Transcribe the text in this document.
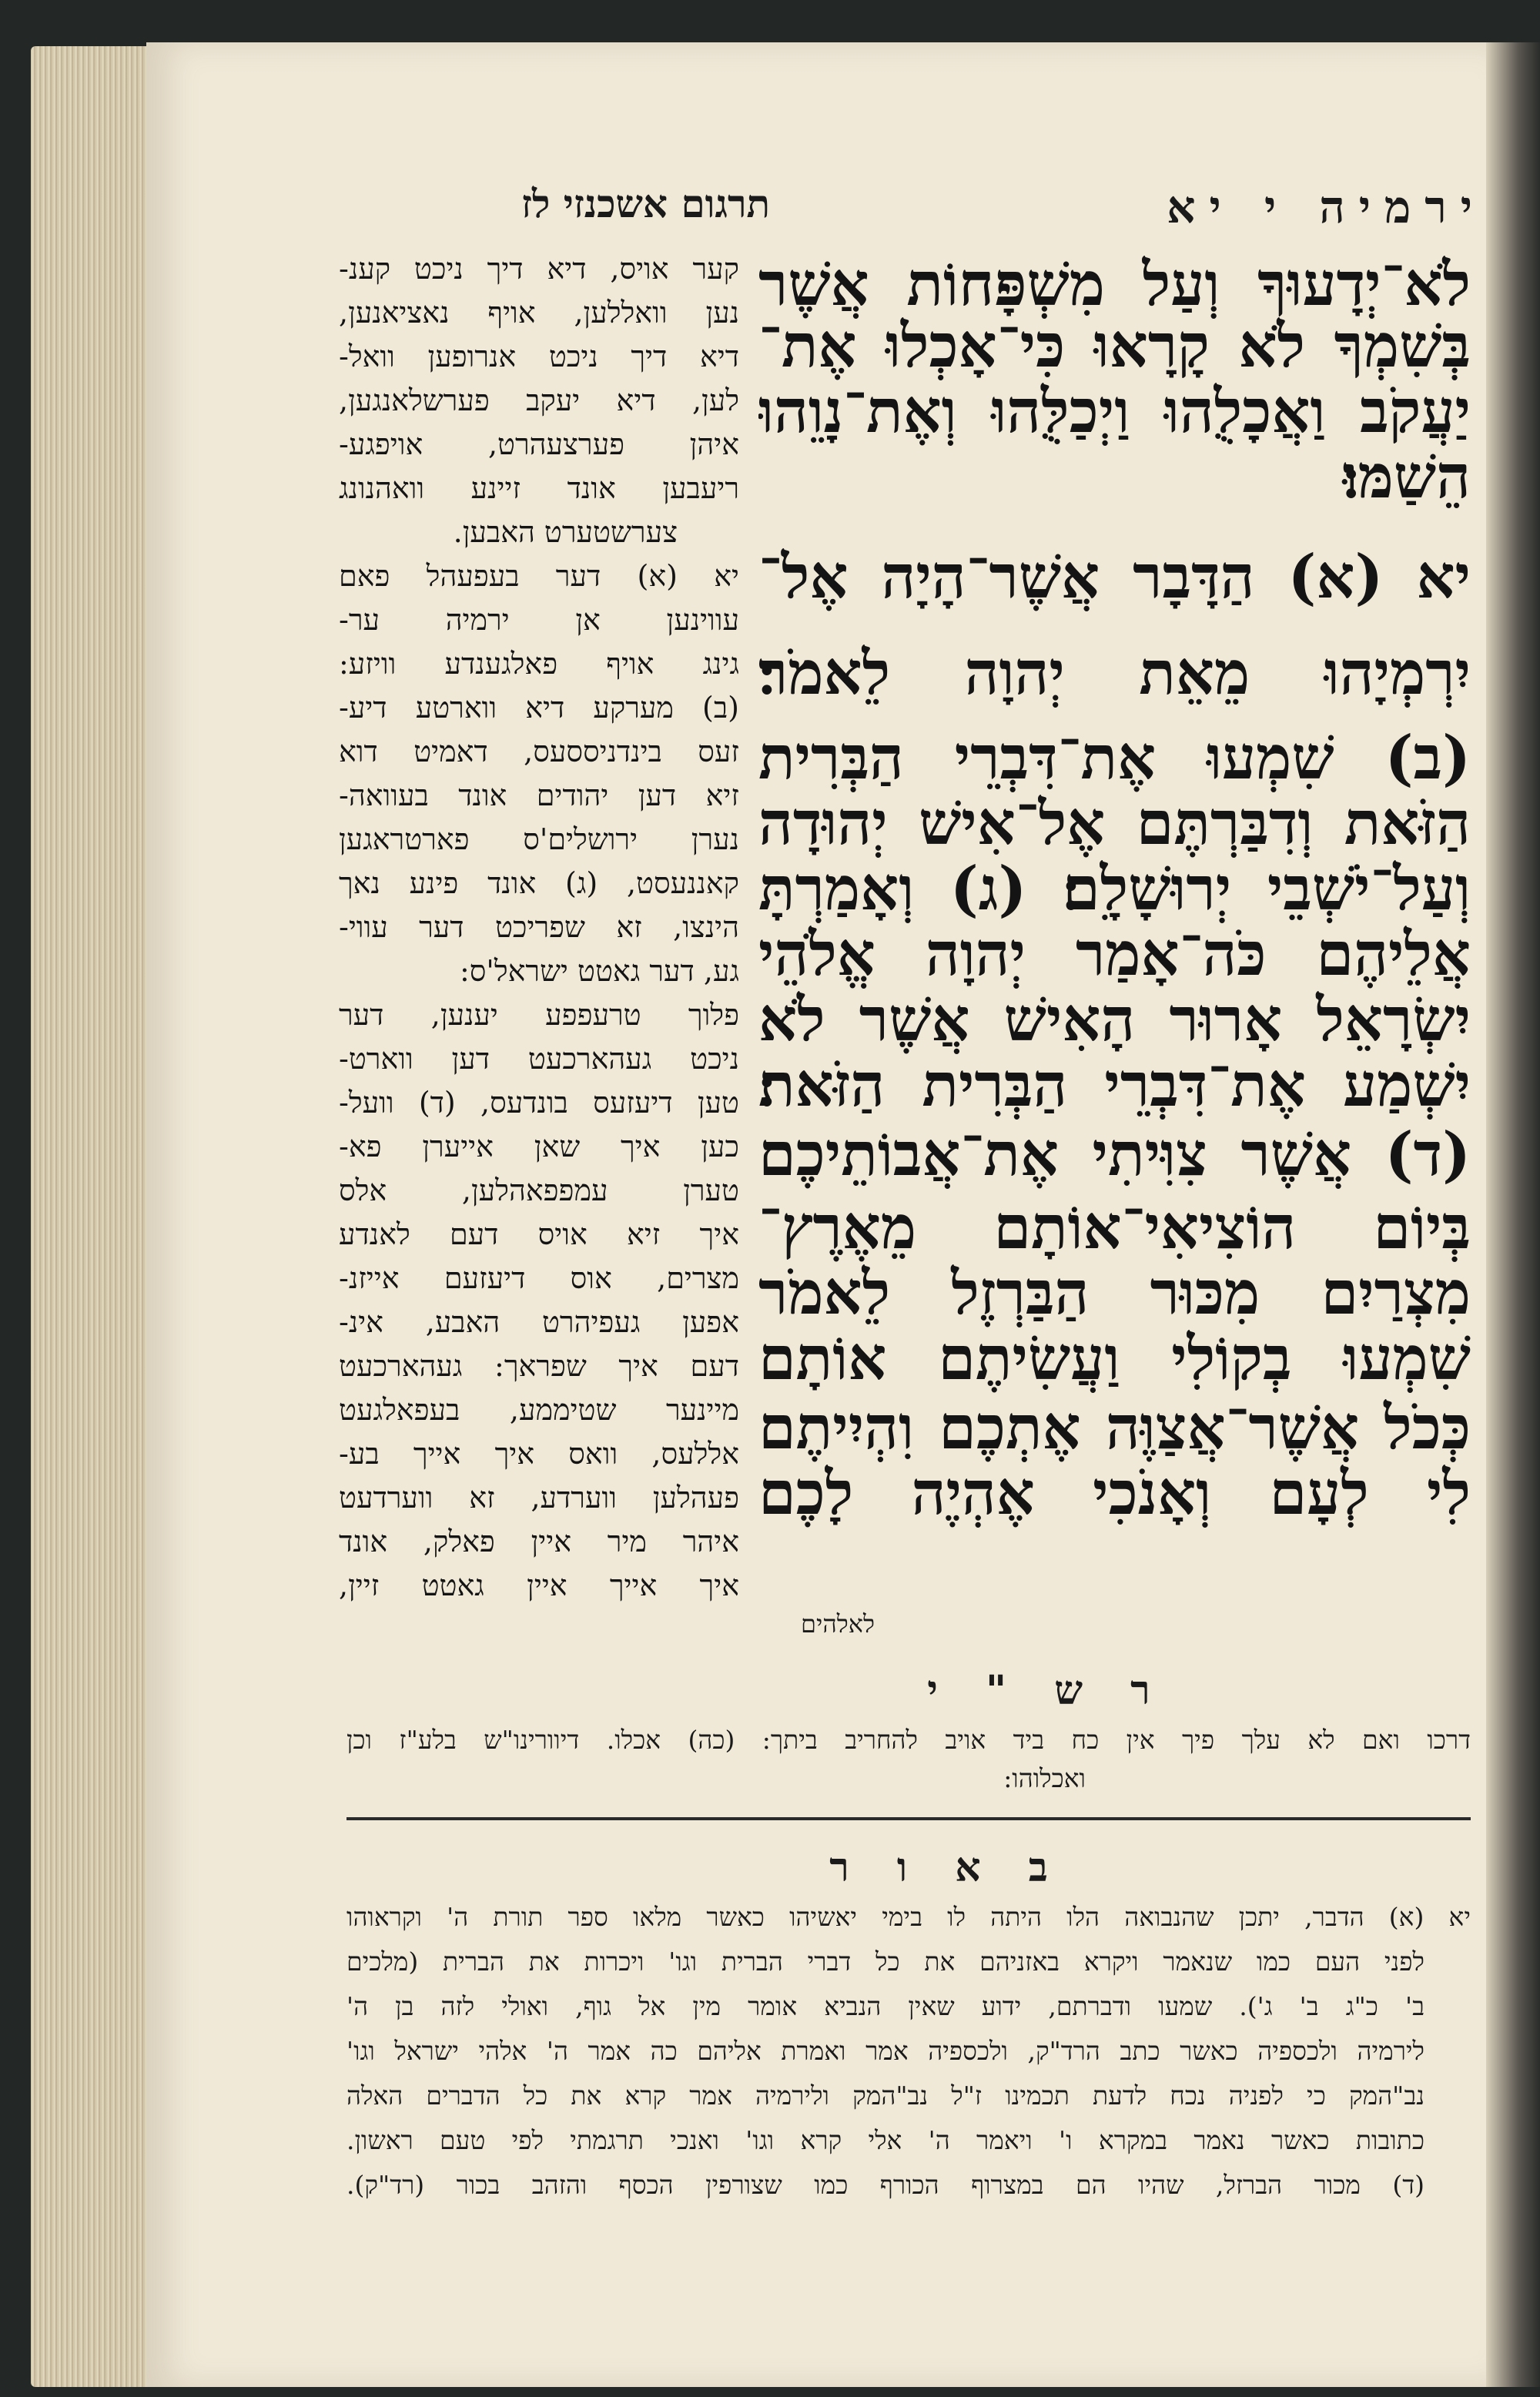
ירמיה י יא
תרגום אשכנזי לז
לֹא־יְדָעוּךָ וְעַל מִשְׁפָּחוֹת אֲשֶׁר
בְּשִׁמְךָ לֹא קָרָאוּ כִּי־אָכְלוּ אֶת־
יַעֲקֹב וַאֲכָלֻהוּ וַיְכַלֻּהוּ וְאֶת־נָוֵהוּ
הֵשַׁמּוּ׃
יא (א) הַדָּבָר אֲשֶׁר־הָיָה אֶל־
יִרְמְיָהוּ מֵאֵת יְהוָה לֵאמֹר׃
(ב) שִׁמְעוּ אֶת־דִּבְרֵי הַבְּרִית
הַזֹּאת וְדִבַּרְתֶּם אֶל־אִישׁ יְהוּדָה
וְעַל־יֹשְׁבֵי יְרוּשָׁלִָם׃ (ג) וְאָמַרְתָּ
אֲלֵיהֶם כֹּה־אָמַר יְהוָה אֱלֹהֵי
יִשְׂרָאֵל אָרוּר הָאִישׁ אֲשֶׁר לֹא
יִשְׁמַע אֶת־דִּבְרֵי הַבְּרִית הַזֹּאת׃
(ד) אֲשֶׁר צִוִּיתִי אֶת־אֲבוֹתֵיכֶם
בְּיוֹם הוֹצִיאִי־אוֹתָם מֵאֶרֶץ־
מִצְרַיִם מִכּוּר הַבַּרְזֶל לֵאמֹר
שִׁמְעוּ בְקוֹלִי וַעֲשִׂיתֶם אוֹתָם
כְּכֹל אֲשֶׁר־אֲצַוֶּה אֶתְכֶם וִהְיִיתֶם
לִי לְעָם וְאָנֹכִי אֶהְיֶה לָכֶם
קער אויס, דיא דיך ניכט קענ-
נען וואללען, אויף נאציאנען,
דיא דיך ניכט אנרופען וואל-
לען, דיא יעקב פערשלאנגען,
איהן פערצעהרט, אויפגע-
ריעבען אונד זיינע וואהנונג
צערשטערט האבען.
יא (א) דער בעפעהל פאם
עווינען אן ירמיה ער-
גינג אויף פאלגענדע וויזע:
(ב) מערקע דיא ווארטע דיע-
זעס בינדניססעס, דאמיט דוא
זיא דען יהודים אונד בעוואה-
נערן ירושלים'ס פארטראגען
קאננעסט, (ג) אונד פינע נאך
הינצו, זא שפריכט דער עווי-
גע, דער גאטט ישראל'ס:
פלוך טרעפפע יענען, דער
ניכט געהארכעט דען ווארט-
טען דיעזעס בונדעס, (ד) וועל-
כען איך שאן אייערן פא-
טערן עמפפאהלען, אלס
איך זיא אויס דעם לאנדע
מצרים, אוס דיעזעם אייזנ-
אפען געפיהרט האבע, אינ-
דעם איך שפראך: געהארכעט
מיינער שטיממע, בעפאלגעט
אללעס, וואס איך אייך בע-
פעהלען ווערדע, זא ווערדעט
איהר מיר איין פאלק, אונד
איך אייך איין גאטט זיין,
לאלהים
ר ש " י
דרכו ואם לא עלך פיך אין כח ביד אויב להחריב ביתך: (כה) אכלו. דיוורינו"ש בלע"ז וכן
ואכלוהו:
ב א ו ר
יא (א) הדבר, יתכן שהנבואה הלו היתה לו בימי יאשיהו כאשר מלאו ספר תורת ה' וקראוהו
לפני העם כמו שנאמר ויקרא באזניהם את כל דברי הברית וגו' ויכרות את הברית (מלכים
ב' כ"ג ב' ג'). שמעו ודברתם, ידוע שאין הנביא אומר מין אל גוף, ואולי לזה בן ה'
לירמיה ולכספיה כאשר כתב הרד"ק, ולכספיה אמר ואמרת אליהם כה אמר ה' אלהי ישראל וגו'
נב"המק כי לפניה נכח לדעת תכמינו ז"ל נב"המק ולירמיה אמר קרא את כל הדברים האלה
כתובות כאשר נאמר במקרא ו' ויאמר ה' אלי קרא וגו' ואנכי תרגמתי לפי טעם ראשון.
(ד) מכור הברזל, שהיו הם במצרוף הכורף כמו שצורפין הכסף והזהב בכור (רד"ק).
